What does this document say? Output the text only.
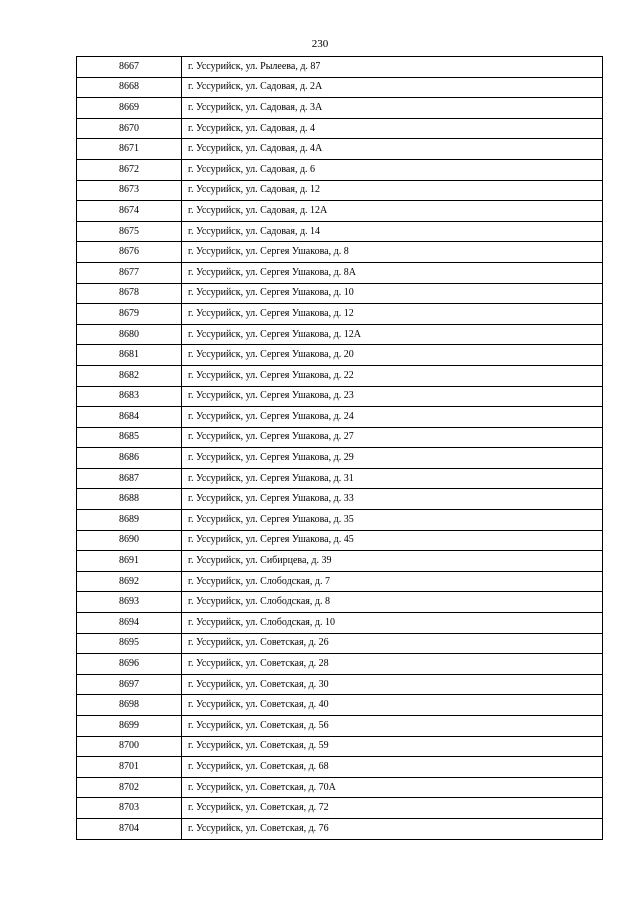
230
8667	г. Уссурийск, ул. Рылеева, д. 87
8668	г. Уссурийск, ул. Садовая, д. 2А
8669	г. Уссурийск, ул. Садовая, д. 3А
8670	г. Уссурийск, ул. Садовая, д. 4
8671	г. Уссурийск, ул. Садовая, д. 4А
8672	г. Уссурийск, ул. Садовая, д. 6
8673	г. Уссурийск, ул. Садовая, д. 12
8674	г. Уссурийск, ул. Садовая, д. 12А
8675	г. Уссурийск, ул. Садовая, д. 14
8676	г. Уссурийск, ул. Сергея Ушакова, д. 8
8677	г. Уссурийск, ул. Сергея Ушакова, д. 8А
8678	г. Уссурийск, ул. Сергея Ушакова, д. 10
8679	г. Уссурийск, ул. Сергея Ушакова, д. 12
8680	г. Уссурийск, ул. Сергея Ушакова, д. 12А
8681	г. Уссурийск, ул. Сергея Ушакова, д. 20
8682	г. Уссурийск, ул. Сергея Ушакова, д. 22
8683	г. Уссурийск, ул. Сергея Ушакова, д. 23
8684	г. Уссурийск, ул. Сергея Ушакова, д. 24
8685	г. Уссурийск, ул. Сергея Ушакова, д. 27
8686	г. Уссурийск, ул. Сергея Ушакова, д. 29
8687	г. Уссурийск, ул. Сергея Ушакова, д. 31
8688	г. Уссурийск, ул. Сергея Ушакова, д. 33
8689	г. Уссурийск, ул. Сергея Ушакова, д. 35
8690	г. Уссурийск, ул. Сергея Ушакова, д. 45
8691	г. Уссурийск, ул. Сибирцева, д. 39
8692	г. Уссурийск, ул. Слободская, д. 7
8693	г. Уссурийск, ул. Слободская, д. 8
8694	г. Уссурийск, ул. Слободская, д. 10
8695	г. Уссурийск, ул. Советская, д. 26
8696	г. Уссурийск, ул. Советская, д. 28
8697	г. Уссурийск, ул. Советская, д. 30
8698	г. Уссурийск, ул. Советская, д. 40
8699	г. Уссурийск, ул. Советская, д. 56
8700	г. Уссурийск, ул. Советская, д. 59
8701	г. Уссурийск, ул. Советская, д. 68
8702	г. Уссурийск, ул. Советская, д. 70А
8703	г. Уссурийск, ул. Советская, д. 72
8704	г. Уссурийск, ул. Советская, д. 76
